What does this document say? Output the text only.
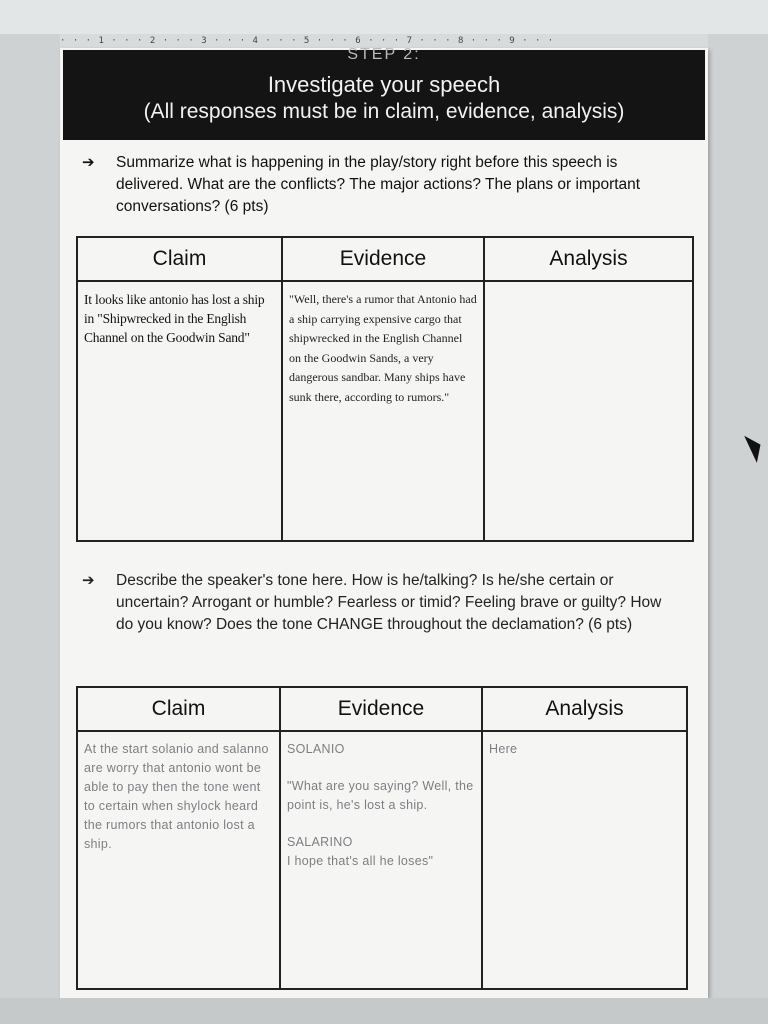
· · · 1 · · · 2 · · · 3 · · · 4 · · · 5 · · · 6 · · · 7 · · · 8 · · · 9 · · ·
STEP 2:
Investigate your speech
(All responses must be in claim, evidence, analysis)
➔ Summarize what is happening in the play/story right before this speech is delivered. What are the conflicts? The major actions? The plans or important conversations? (6 pts)
Claim	Evidence	Analysis

It looks like antonio has lost a ship in "Shipwrecked in the English Channel on the Goodwin Sand"	"Well, there's a rumor that Antonio had a ship carrying expensive cargo that shipwrecked in the English Channel on the Goodwin Sands, a very dangerous sandbar. Many ships have sunk there, according to rumors."	

➔ Describe the speaker's tone here. How is he/talking? Is he/she certain or uncertain? Arrogant or humble? Fearless or timid? Feeling brave or guilty? How do you know? Does the tone CHANGE throughout the declamation? (6 pts)
Claim	Evidence	Analysis

At the start solanio and salanno are worry that antonio wont be able to pay then the tone went to certain when shylock heard the rumors that antonio lost a ship.	SOLANIO
"What are you saying? Well, the point is, he's lost a ship.
SALARINO
I hope that's all he loses"	Here
